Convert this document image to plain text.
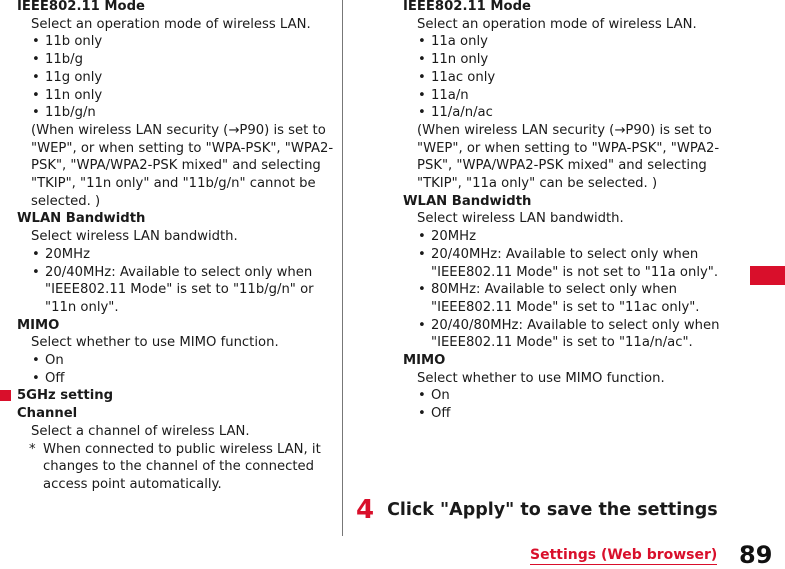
IEEE802.11 Mode
Select an operation mode of wireless LAN.
• 11b only
• 11b/g
• 11g only
• 11n only
• 11b/g/n
(When wireless LAN security (→P90) is set to "WEP", or when setting to "WPA-PSK", "WPA2-PSK", "WPA/WPA2-PSK mixed" and selecting "TKIP", "11n only" and "11b/g/n" cannot be selected. )
WLAN Bandwidth
Select wireless LAN bandwidth.
• 20MHz
• 20/40MHz: Available to select only when "IEEE802.11 Mode" is set to "11b/g/n" or "11n only".
MIMO
Select whether to use MIMO function.
• On
• Off
5GHz setting
Channel
Select a channel of wireless LAN.
* When connected to public wireless LAN, it changes to the channel of the connected access point automatically.
IEEE802.11 Mode
Select an operation mode of wireless LAN.
• 11a only
• 11n only
• 11ac only
• 11a/n
• 11/a/n/ac
(When wireless LAN security (→P90) is set to "WEP", or when setting to "WPA-PSK", "WPA2-PSK", "WPA/WPA2-PSK mixed" and selecting "TKIP", "11a only" can be selected. )
WLAN Bandwidth
Select wireless LAN bandwidth.
• 20MHz
• 20/40MHz: Available to select only when "IEEE802.11 Mode" is not set to "11a only".
• 80MHz: Available to select only when "IEEE802.11 Mode" is set to "11ac only".
• 20/40/80MHz: Available to select only when "IEEE802.11 Mode" is set to "11a/n/ac".
MIMO
Select whether to use MIMO function.
• On
• Off
4 Click "Apply" to save the settings
Settings (Web browser) 89
